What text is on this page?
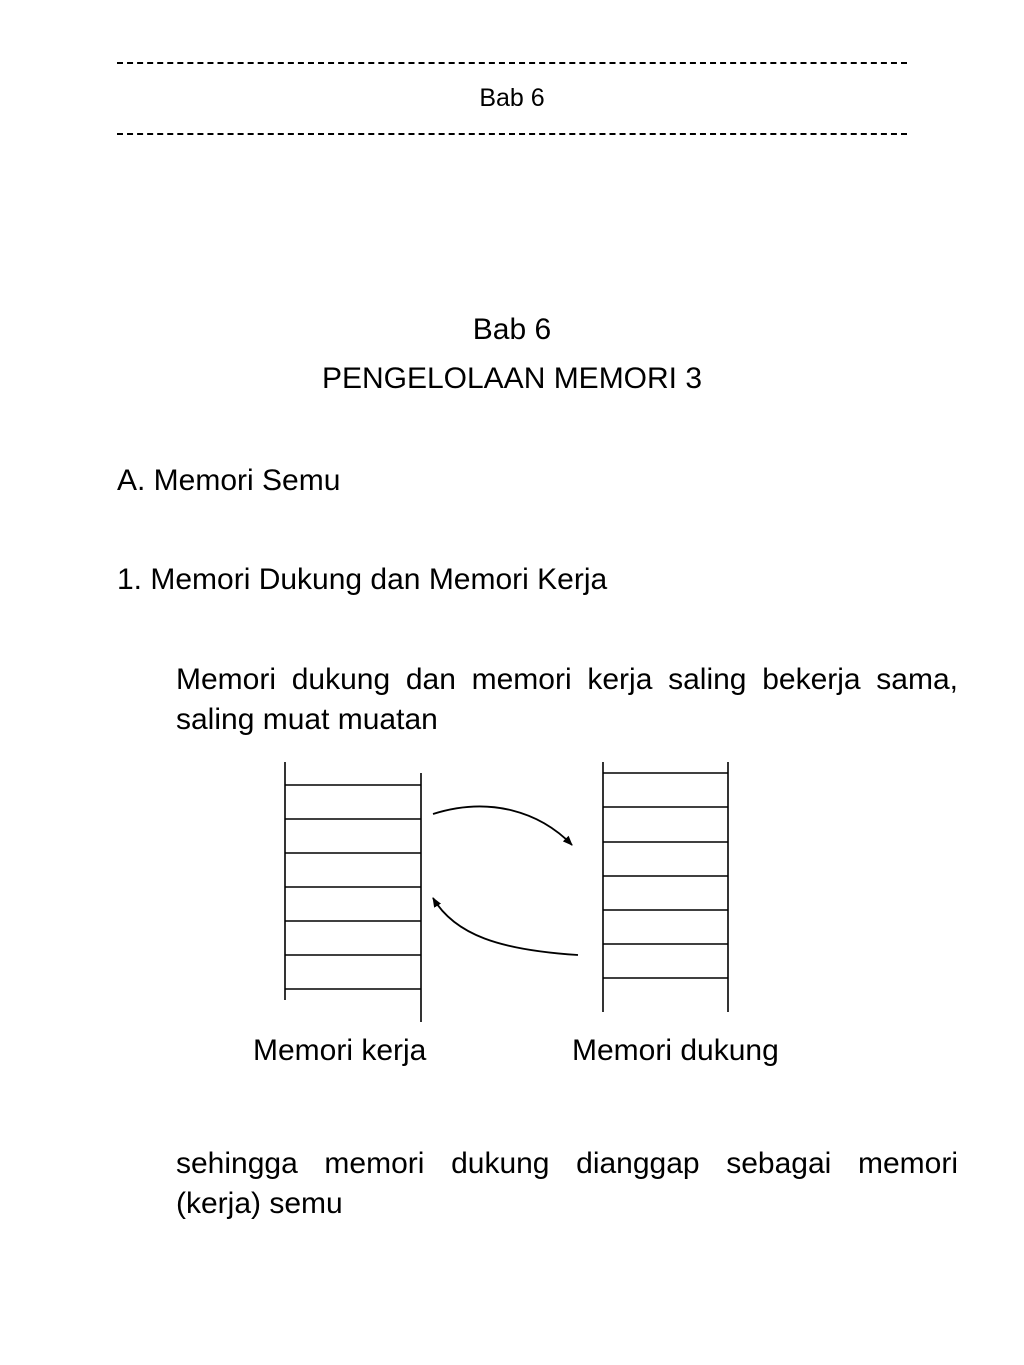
Bab 6
Bab 6
PENGELOLAAN MEMORI 3
A. Memori Semu
1. Memori Dukung dan Memori Kerja
Memori dukung dan memori kerja saling bekerja sama, saling muat muatan
Memori kerja	Memori dukung
sehingga memori dukung dianggap sebagai memori (kerja) semu
